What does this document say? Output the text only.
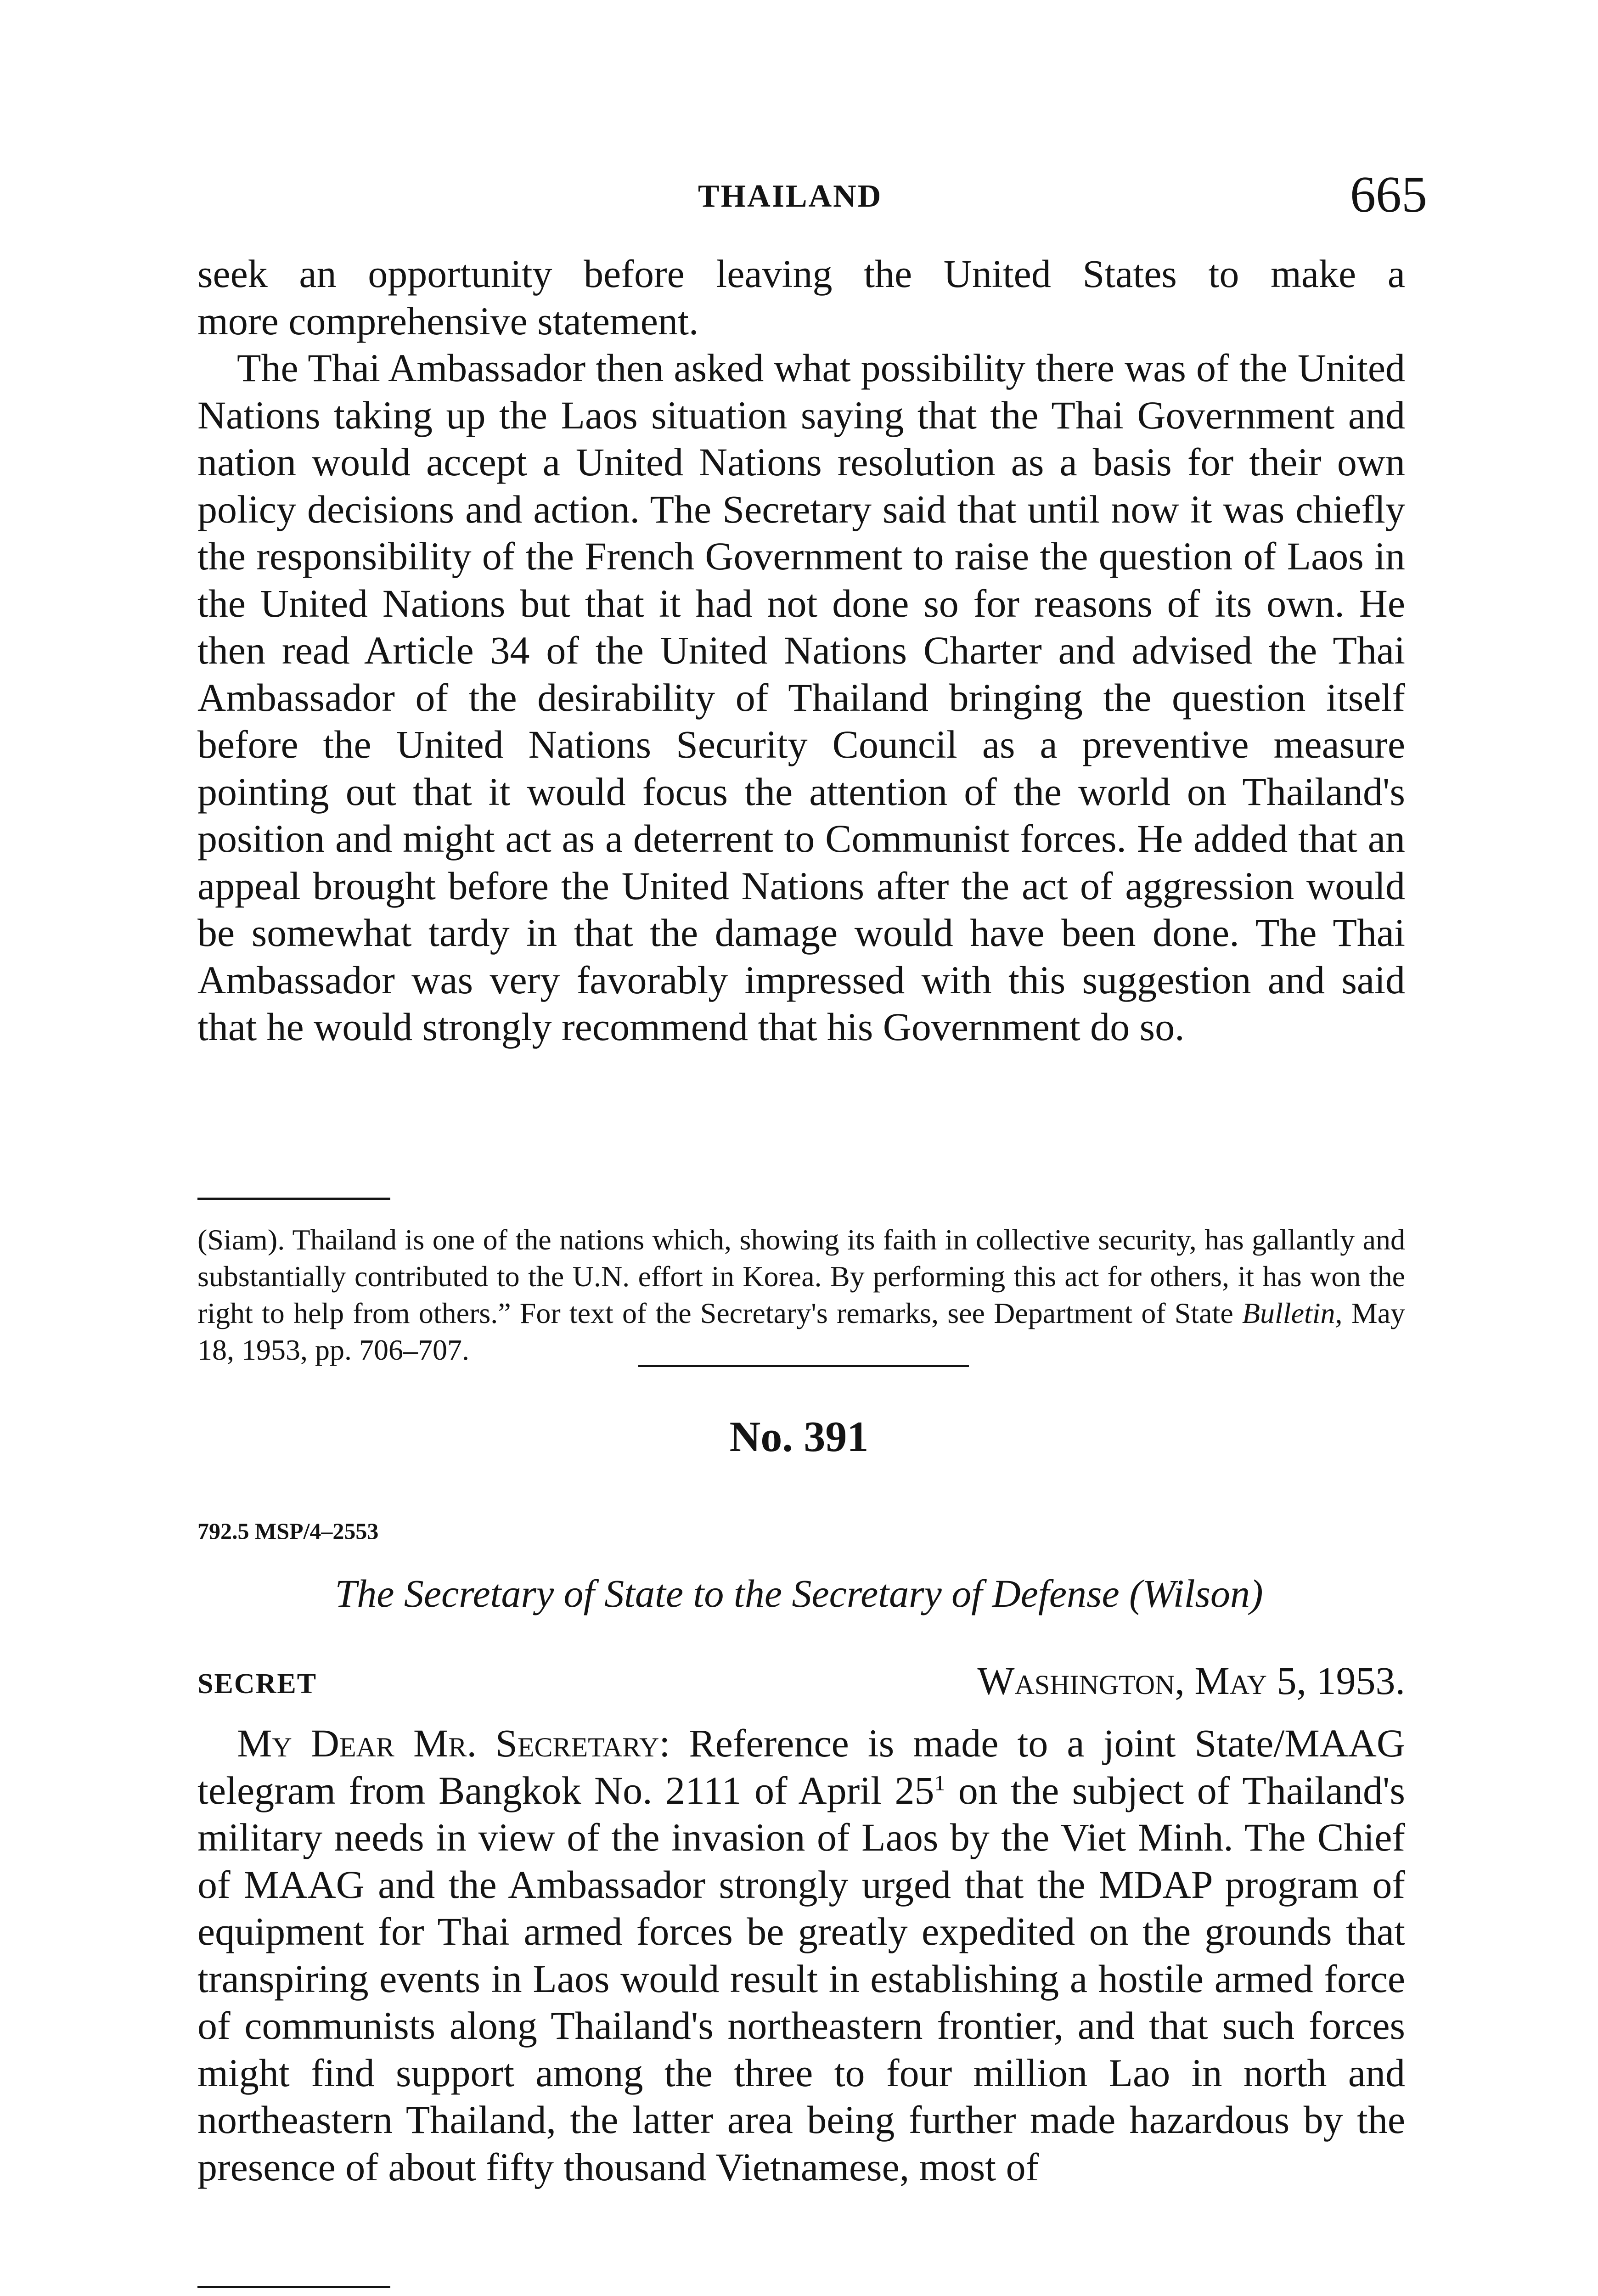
THAILAND	665

seek an opportunity before leaving the United States to make a

more comprehensive statement.

The Thai Ambassador then asked what possibility there was of the United Nations taking up the Laos situation saying that the Thai Government and nation would accept a United Nations resolution as a basis for their own policy decisions and action. The Secretary said that until now it was chiefly the responsibility of the French Government to raise the question of Laos in the United Nations but that it had not done so for reasons of its own. He then read Article 34 of the United Nations Charter and advised the Thai Ambassador of the desirability of Thailand bringing the question itself before the United Nations Security Council as a preventive measure pointing out that it would focus the attention of the world on Thailand's position and might act as a deterrent to Communist forces. He added that an appeal brought before the United Nations after the act of aggression would be somewhat tardy in that the damage would have been done. The Thai Ambassador was very favorably impressed with this suggestion and said that he would strongly recommend that his Government do so.

(Siam). Thailand is one of the nations which, showing its faith in collective security, has gallantly and substantially contributed to the U.N. effort in Korea. By performing this act for others, it has won the right to help from others.” For text of the Secretary's remarks, see Department of State Bulletin, May 18, 1953, pp. 706–707.

No. 391
792.5 MSP/4–2553
The Secretary of State to the Secretary of Defense (Wilson)
SECRET	Washington, May 5, 1953.

My Dear Mr. Secretary: Reference is made to a joint State/MAAG telegram from Bangkok No. 2111 of April $25^1$ on the subject of Thailand's military needs in view of the invasion of Laos by the Viet Minh. The Chief of MAAG and the Ambassador strongly urged that the MDAP program of equipment for Thai armed forces be greatly expedited on the grounds that transpiring events in Laos would result in establishing a hostile armed force of communists along Thailand's northeastern frontier, and that such forces might find support among the three to four million Lao in north and northeastern Thailand, the latter area being further made hazardous by the presence of about fifty thousand Vietnamese, most of
